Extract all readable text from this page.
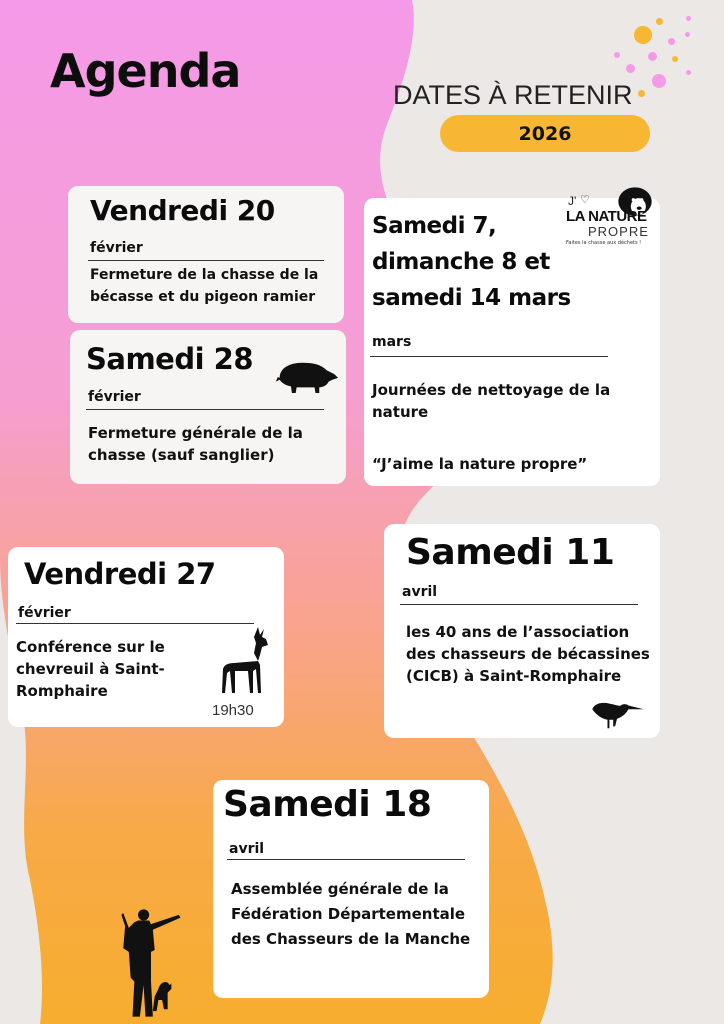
Agenda	DATES À RETENIR
2026
Vendredi 20
février
Fermeture de la chasse de la bécasse et du pigeon ramier
Samedi 28
février
Fermeture générale de la chasse (sauf sanglier)
Samedi 7, dimanche 8 et samedi 14 mars
mars
Journées de nettoyage de la nature
“J’aime la nature propre”
J' ♡
LA NATURE
PROPRE
Faites la chasse aux déchets !
Vendredi 27
février
Conférence sur le chevreuil à Saint-Romphaire
19h30
Samedi 11
avril
les 40 ans de l’association des chasseurs de bécassines (CICB) à Saint-Romphaire
Samedi 18
avril
Assemblée générale de la Fédération Départementale des Chasseurs de la Manche
